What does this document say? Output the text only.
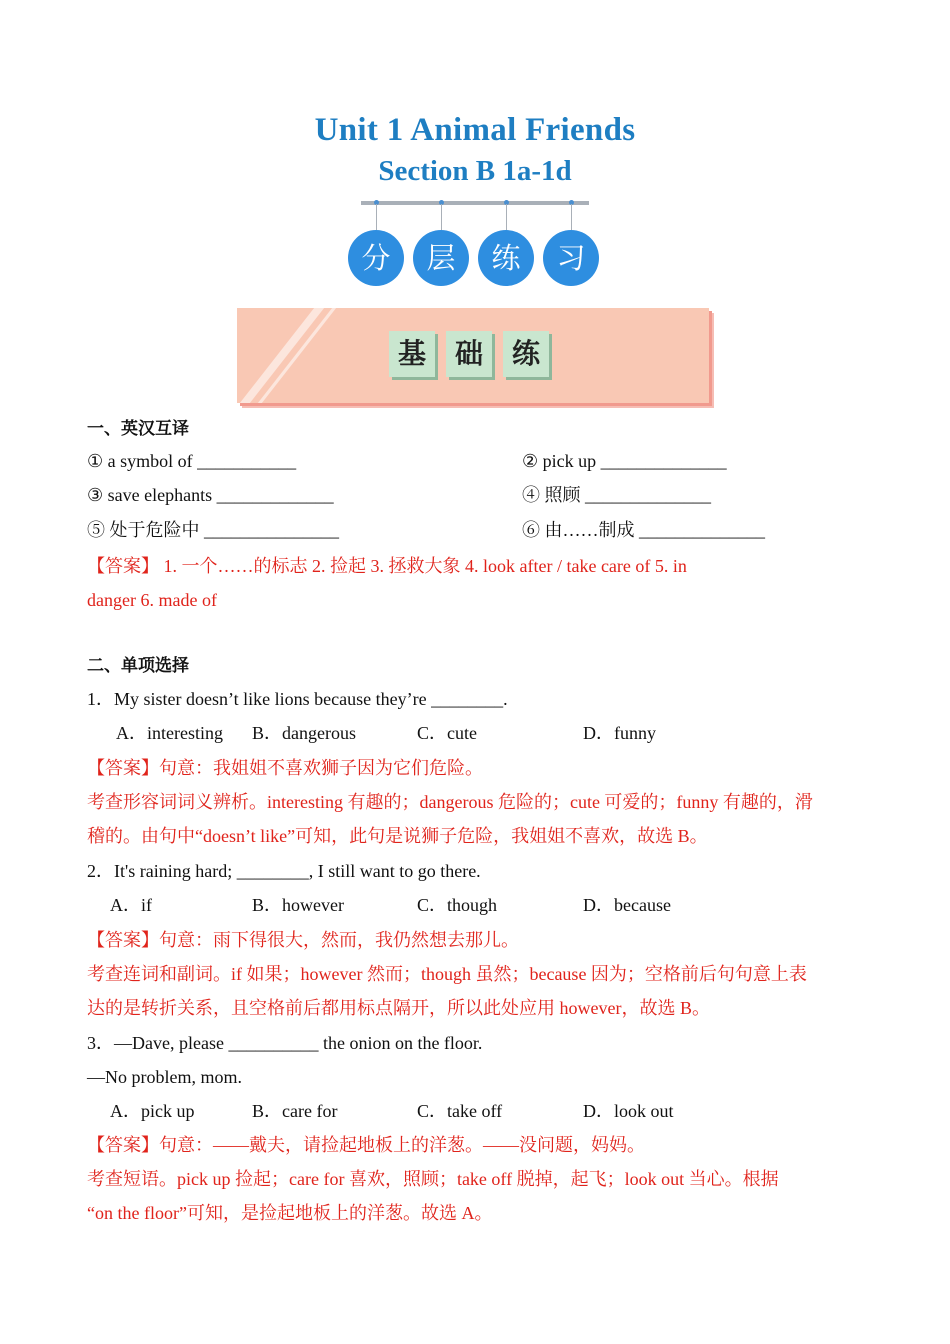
Unit 1 Animal Friends
Section B 1a-1d
分	层	练	习
基	础	练
一、英汉互译
① a symbol of ___________	② pick up ______________
③ save elephants _____________	④ 照顾 ______________
⑤ 处于危险中 _______________	⑥ 由……制成 ______________
【答案】 1. 一个……的标志 2. 捡起 3. 拯救大象 4. look after / take care of 5. in
danger 6. made of
二、单项选择
1．My sister doesn’t like lions because they’re ________.
A．interesting B．dangerous	C．cute	D．funny
【答案】句意：我姐姐不喜欢狮子因为它们危险。
考查形容词词义辨析。interesting 有趣的；dangerous 危险的；cute 可爱的；funny 有趣的，滑
稽的。由句中“doesn’t like”可知，此句是说狮子危险，我姐姐不喜欢，故选 B。
2．It's raining hard; ________, I still want to go there.
A．if	B．however	C．though	D．because
【答案】句意：雨下得很大，然而，我仍然想去那儿。
考查连词和副词。if 如果；however 然而；though 虽然；because 因为；空格前后句句意上表
达的是转折关系，且空格前后都用标点隔开，所以此处应用 however，故选 B。
3．—Dave, please __________ the onion on the floor.
—No problem, mom.
A．pick up	B．care for	C．take off	D．look out
【答案】句意：——戴夫，请捡起地板上的洋葱。——没问题，妈妈。
考查短语。pick up 捡起；care for 喜欢，照顾；take off 脱掉，起飞；look out 当心。根据
“on the floor”可知，是捡起地板上的洋葱。故选 A。
